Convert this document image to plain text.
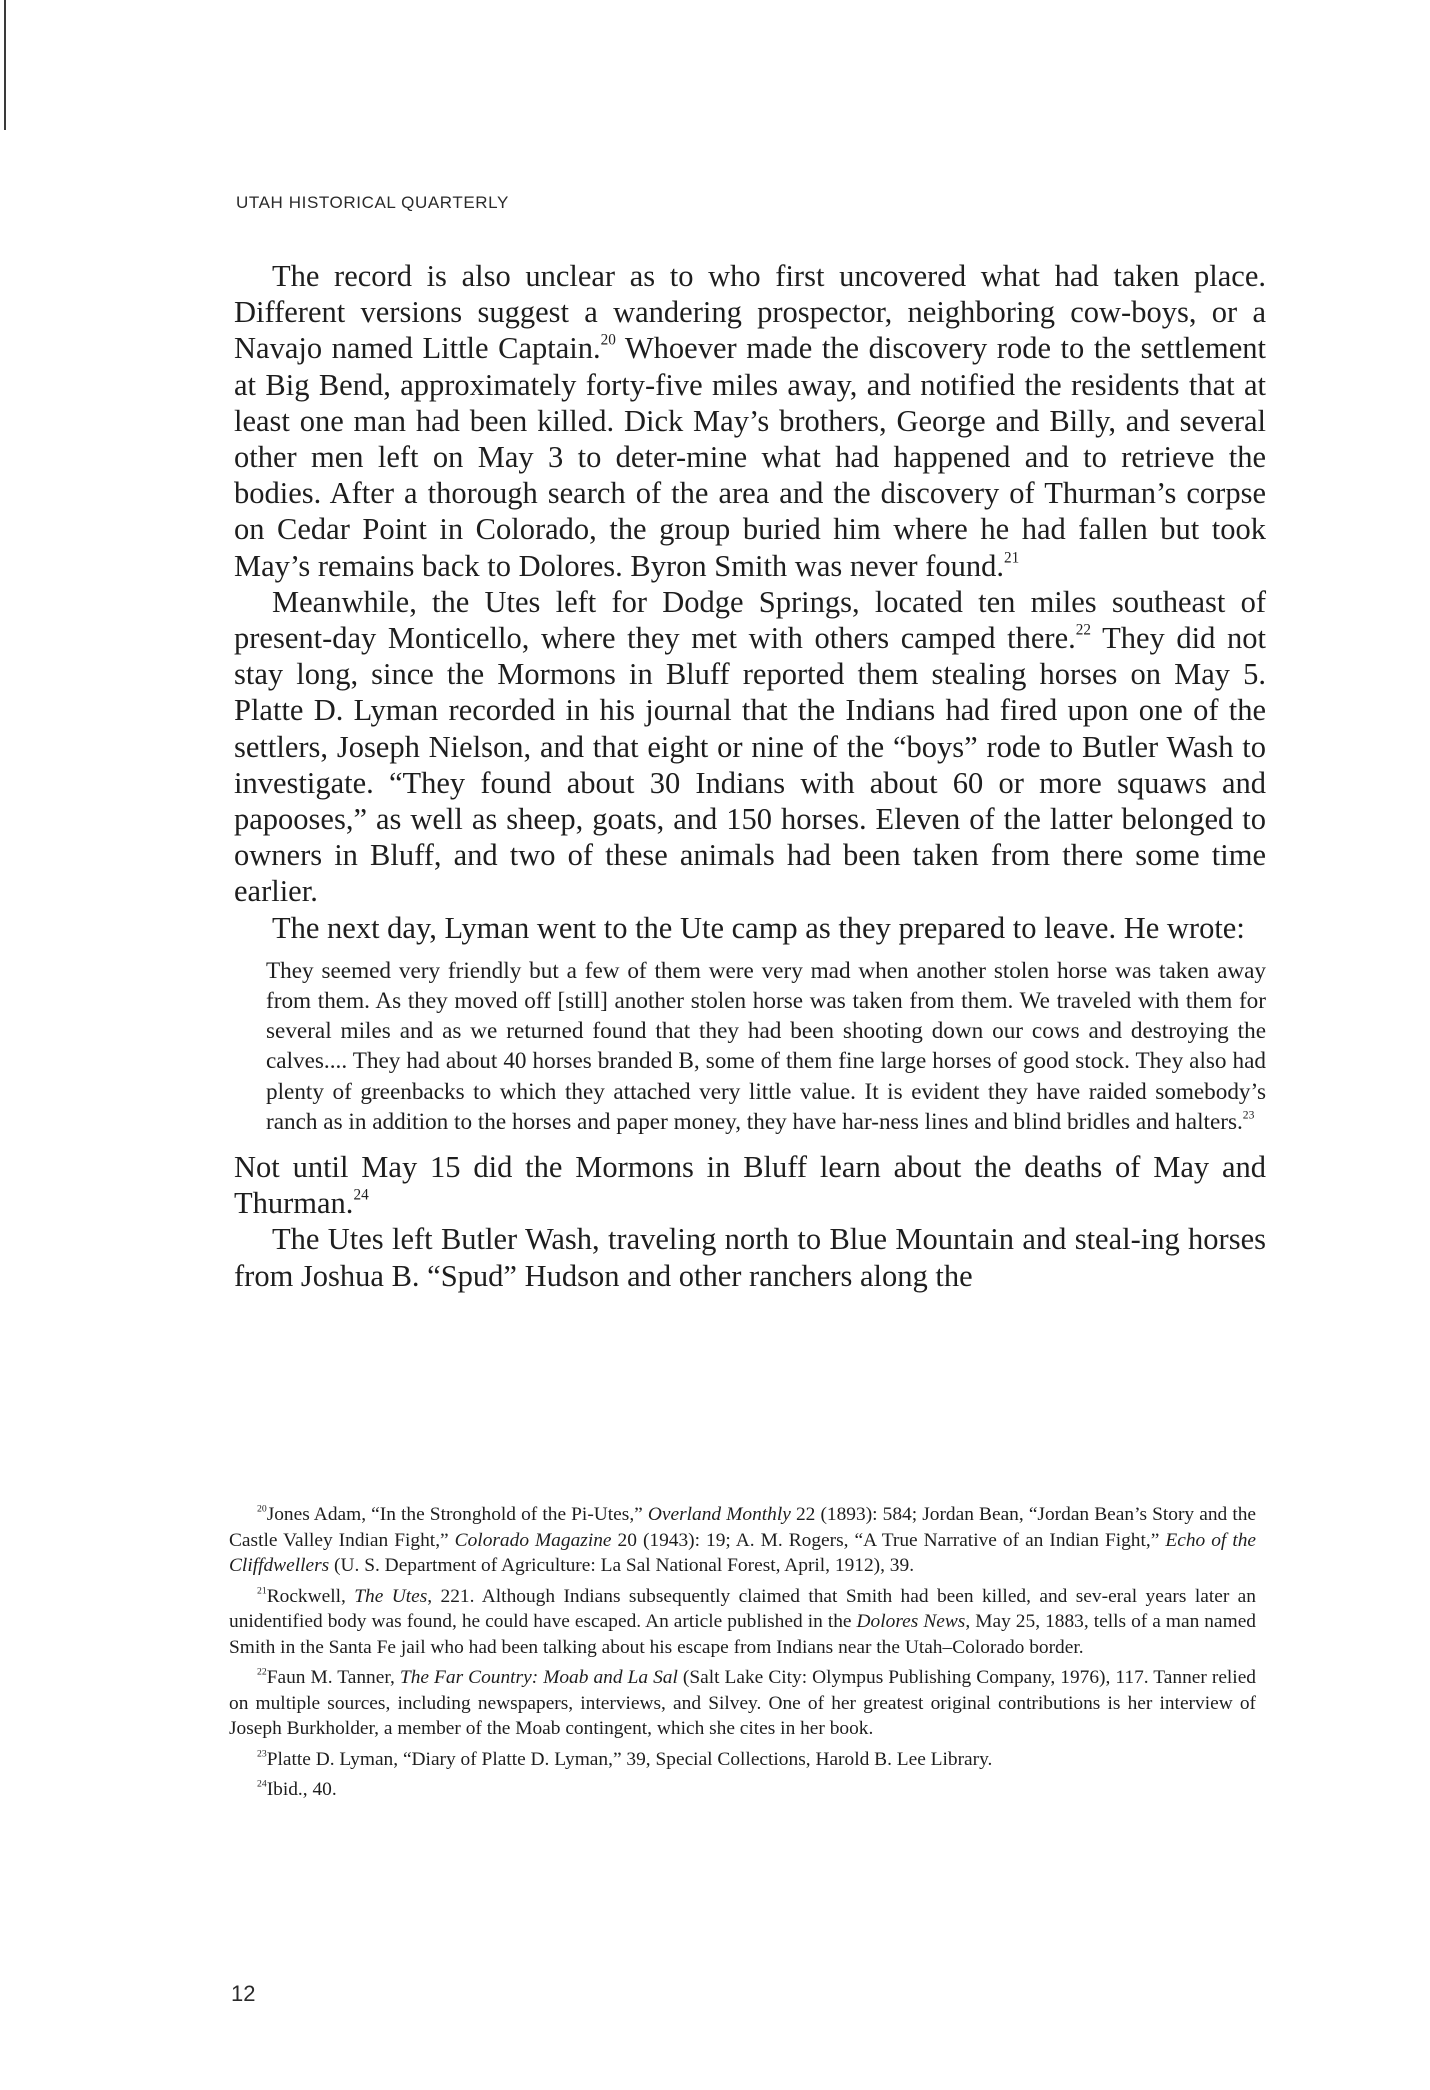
UTAH HISTORICAL QUARTERLY

The record is also unclear as to who first uncovered what had taken place. Different versions suggest a wandering prospector, neighboring cow-boys, or a Navajo named Little Captain.$^{20}$ Whoever made the discovery rode to the settlement at Big Bend, approximately forty-five miles away, and notified the residents that at least one man had been killed. Dick May’s brothers, George and Billy, and several other men left on May 3 to deter-mine what had happened and to retrieve the bodies. After a thorough search of the area and the discovery of Thurman’s corpse on Cedar Point in Colorado, the group buried him where he had fallen but took May’s remains back to Dolores. Byron Smith was never found.$^{21}$

Meanwhile, the Utes left for Dodge Springs, located ten miles southeast of present-day Monticello, where they met with others camped there.$^{22}$ They did not stay long, since the Mormons in Bluff reported them stealing horses on May 5. Platte D. Lyman recorded in his journal that the Indians had fired upon one of the settlers, Joseph Nielson, and that eight or nine of the “boys” rode to Butler Wash to investigate. “They found about 30 Indians with about 60 or more squaws and papooses,” as well as sheep, goats, and 150 horses. Eleven of the latter belonged to owners in Bluff, and two of these animals had been taken from there some time earlier.

The next day, Lyman went to the Ute camp as they prepared to leave. He wrote:

They seemed very friendly but a few of them were very mad when another stolen horse was taken away from them. As they moved off [still] another stolen horse was taken from them. We traveled with them for several miles and as we returned found that they had been shooting down our cows and destroying the calves.... They had about 40 horses branded B, some of them fine large horses of good stock. They also had plenty of greenbacks to which they attached very little value. It is evident they have raided somebody’s ranch as in addition to the horses and paper money, they have har-ness lines and blind bridles and halters.$^{23}$

Not until May 15 did the Mormons in Bluff learn about the deaths of May and Thurman.$^{24}$

The Utes left Butler Wash, traveling north to Blue Mountain and steal-ing horses from Joshua B. “Spud” Hudson and other ranchers along the

$^{20}$Jones Adam, “In the Stronghold of the Pi-Utes,” Overland Monthly 22 (1893): 584; Jordan Bean, “Jordan Bean’s Story and the Castle Valley Indian Fight,” Colorado Magazine 20 (1943): 19; A. M. Rogers, “A True Narrative of an Indian Fight,” Echo of the Cliffdwellers (U. S. Department of Agriculture: La Sal National Forest, April, 1912), 39.

$^{21}$Rockwell, The Utes, 221. Although Indians subsequently claimed that Smith had been killed, and sev-eral years later an unidentified body was found, he could have escaped. An article published in the Dolores News, May 25, 1883, tells of a man named Smith in the Santa Fe jail who had been talking about his escape from Indians near the Utah–Colorado border.

$^{22}$Faun M. Tanner, The Far Country: Moab and La Sal (Salt Lake City: Olympus Publishing Company, 1976), 117. Tanner relied on multiple sources, including newspapers, interviews, and Silvey. One of her greatest original contributions is her interview of Joseph Burkholder, a member of the Moab contingent, which she cites in her book.

$^{23}$Platte D. Lyman, “Diary of Platte D. Lyman,” 39, Special Collections, Harold B. Lee Library.

$^{24}$Ibid., 40.

12
